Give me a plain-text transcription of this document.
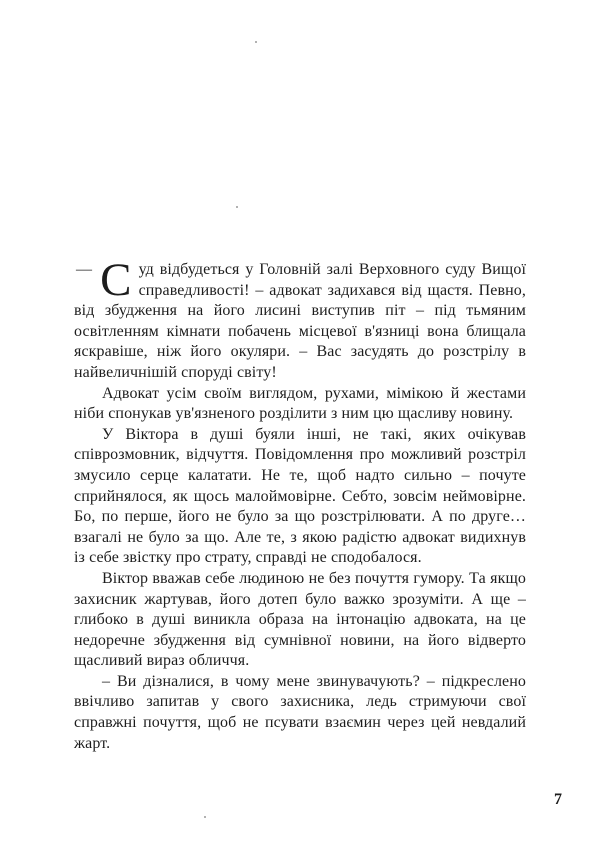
— С уд відбудеться у Головній залі Верховного суду Вищої справедливості! – адвокат задихався від щастя. Певно, від збудження на його лисині виступив піт – під тьмяним освітленням кімнати побачень місцевої в'язниці вона блищала яскравіше, ніж його окуляри. – Вас засудять до розстрілу в найвеличнішій споруді світу!

Адвокат усім своїм виглядом, рухами, мімікою й жестами ніби спонукав ув'язненого розділити з ним цю щасливу новину.

У Віктора в душі буяли інші, не такі, яких очікував співрозмовник, відчуття. Повідомлення про можливий розстріл змусило серце калатати. Не те, щоб надто сильно – почуте сприйнялося, як щось малоймовірне. Себто, зовсім неймовірне. Бо, по перше, його не було за що розстрілювати. А по друге… взагалі не було за що. Але те, з якою радістю адвокат видихнув із себе звістку про страту, справді не сподобалося.

Віктор вважав себе людиною не без почуття гумору. Та якщо захисник жартував, його дотеп було важко зрозуміти. А ще – глибоко в душі виникла образа на інтонацію адвоката, на це недоречне збудження від сумнівної новини, на його відверто щасливий вираз обличчя.

– Ви дізналися, в чому мене звинувачують? – підкреслено ввічливо запитав у свого захисника, ледь стримуючи свої справжні почуття, щоб не псувати взаємин через цей невдалий жарт.

7
